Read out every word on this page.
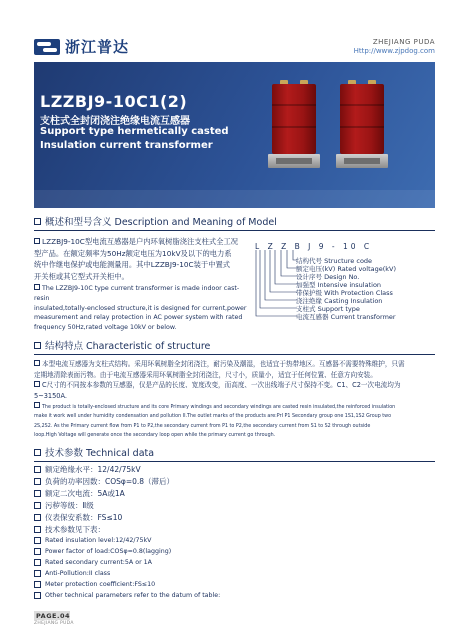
浙江普达	ZHEJIANG PUDA
Http://www.zjpdog.com
LZZBJ9-10C1(2)
支柱式全封闭浇注绝缘电流互感器
Support type hermetically casted
Insulation current transformer
概述和型号含义 Description and Meaning of Model
LZZBJ9-10C型电流互感器是户内环氧树脂浇注支柱式全工况
型产品。在额定频率为50Hz额定电压为10kV及以下的电力系
统中作继电保护或电能测量用。其中LZZBJ9-10C装于中置式
开关柜或其它型式开关柜中。
The LZZBJ9-10C type current transformer is made indoor cast-resin
insulated,totally-enclosed structure,it is designed for current,power
measurement and relay protection in AC power system with rated
frequency 50Hz,rated voltage 10kV or below.
L Z Z B J 9 - 10 C
结构代号 Structure code
额定电压(kV) Rated voltage(kV)
设计序号 Design No.
加强型 Intensive insulation
带保护级 With Protection Class
浇注绝缘 Casting Insulation
支柱式 Support type
电流互感器 Current transformer
结构特点 Characteristic of structure
本型电流互感器为支柱式结构。采用环氧树脂全封闭浇注，耐污染及潮湿，也适宜于热带地区。互感器不需要特殊维护，只需
定期地清除表面污物。由于电流互感器采用环氧树脂全封闭浇注，尺寸小，质量小，适宜于任何位置、任意方向安装。
C尺寸的不同按本参数的互感器，仅是产品的长度、宽度改变，而高度、一次出线端子尺寸保持不变。C1、C2一次电流均为
5~3150A.
The product is totally-enclosed structure and its core Primary windings and secondary windings are casted resin insulated,the reinforced insulation
make it work well under humidity condensation and pollution II.The outlet marks of the products are:PrI P1 Secondary group one 1S1,1S2 Group two
2S,2S2. As the Primary current flow from P1 to P2,the secondary current from P1 to P2,the secondary current from S1 to S2 through outside
loop.High Voltage will generate once the secondary loop open while the primary current go through.
技术参数 Technical data
额定绝缘水平：12/42/75kV
负荷的功率因数：COSφ=0.8（滞后）
额定二次电流：5A或1A
污秽等级：Ⅱ级
仪表保安系数：FS≤10
技术参数见下表：
Rated insulation level:12/42/75kV
Power factor of load:COSφ=0.8(lagging)
Rated secondary current:5A or 1A
Anti-Pollution:II class
Meter protection coefficient:FS≤10
Other technical parameters refer to the datum of table:
PAGE.04
ZHEJIANG PUDA
